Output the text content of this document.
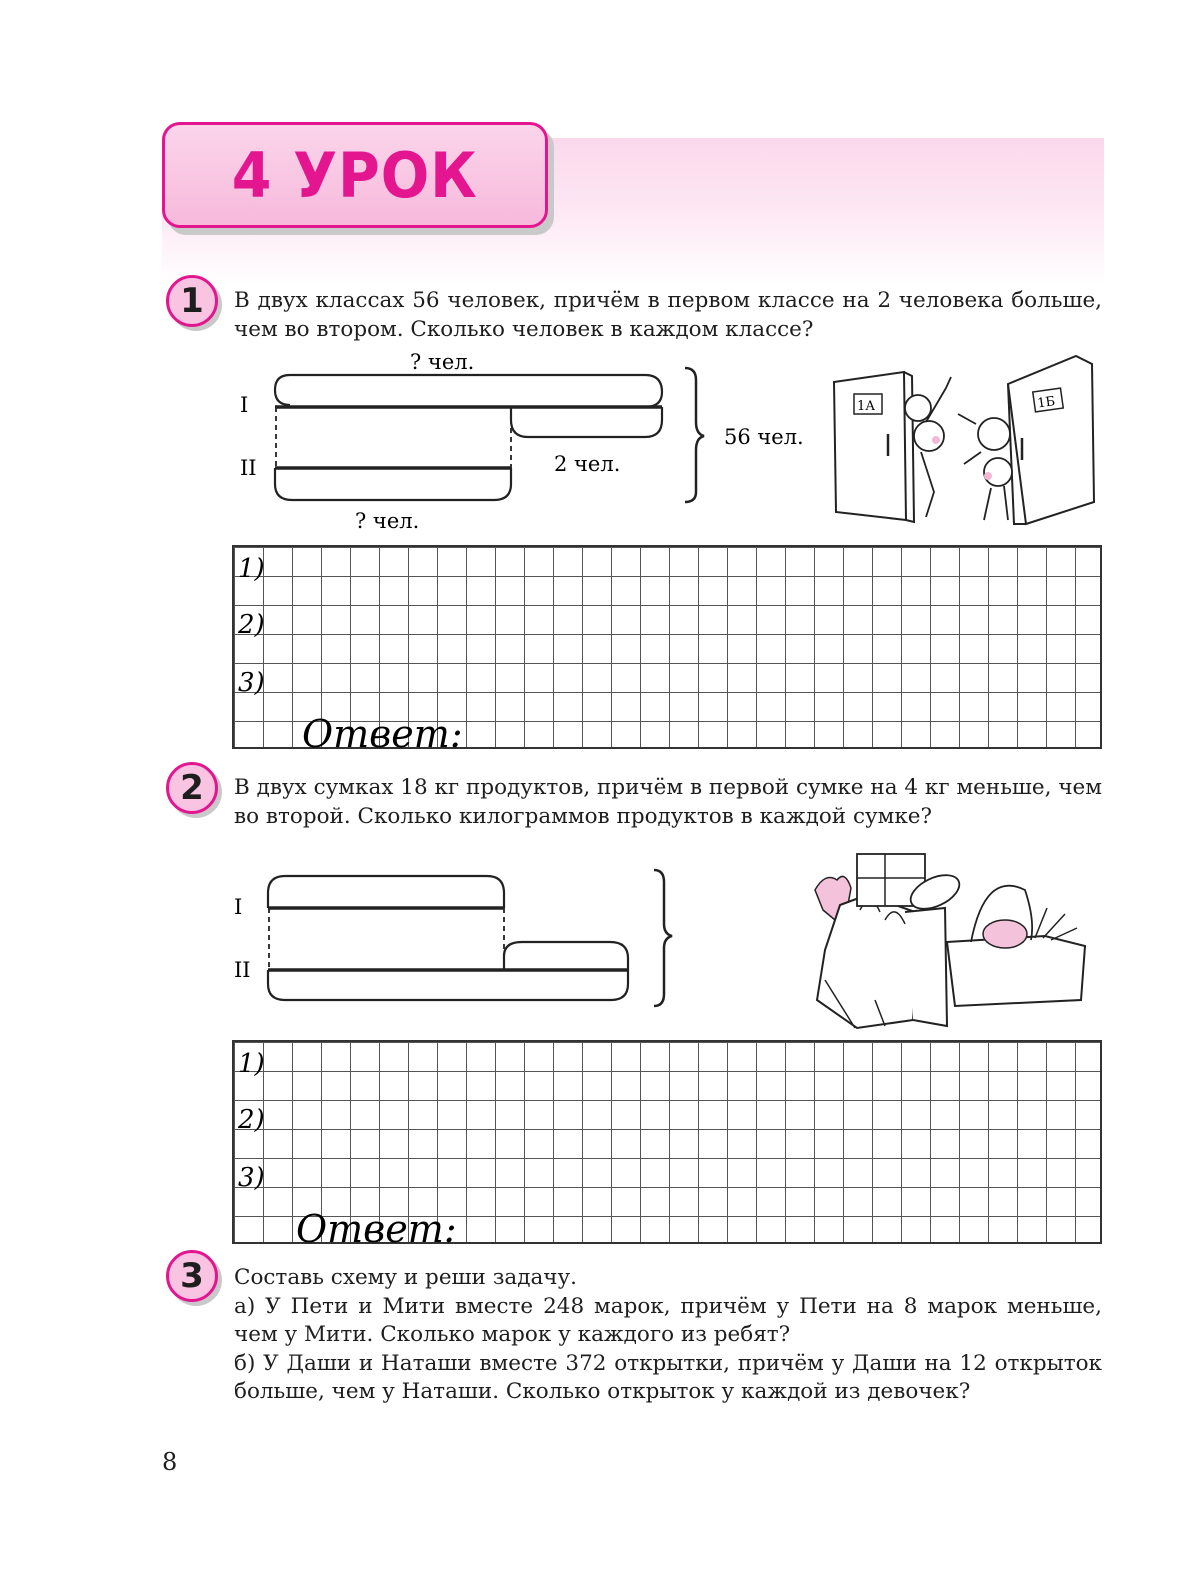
4 УРОК
1	В двух классах 56 человек, причём в первом классе на 2 человека больше, чем во втором. Сколько человек в каждом классе?

I
II
? чел.
? чел.
2 чел.
56 чел.
1А	1Б
1)
2)
3)
Ответ:
2	В двух сумках 18 кг продуктов, причём в первой сумке на 4 кг меньше, чем во второй. Сколько килограммов продуктов в каждой сумке?

I
II
1)
2)
3)
Ответ:
3	Составь схему и реши задачу.

а) У Пети и Мити вместе 248 марок, причём у Пети на 8 марок меньше, чем у Мити. Сколько марок у каждого из ребят?

б) У Даши и Наташи вместе 372 открытки, причём у Даши на 12 открыток больше, чем у Наташи. Сколько открыток у каждой из девочек?

8
